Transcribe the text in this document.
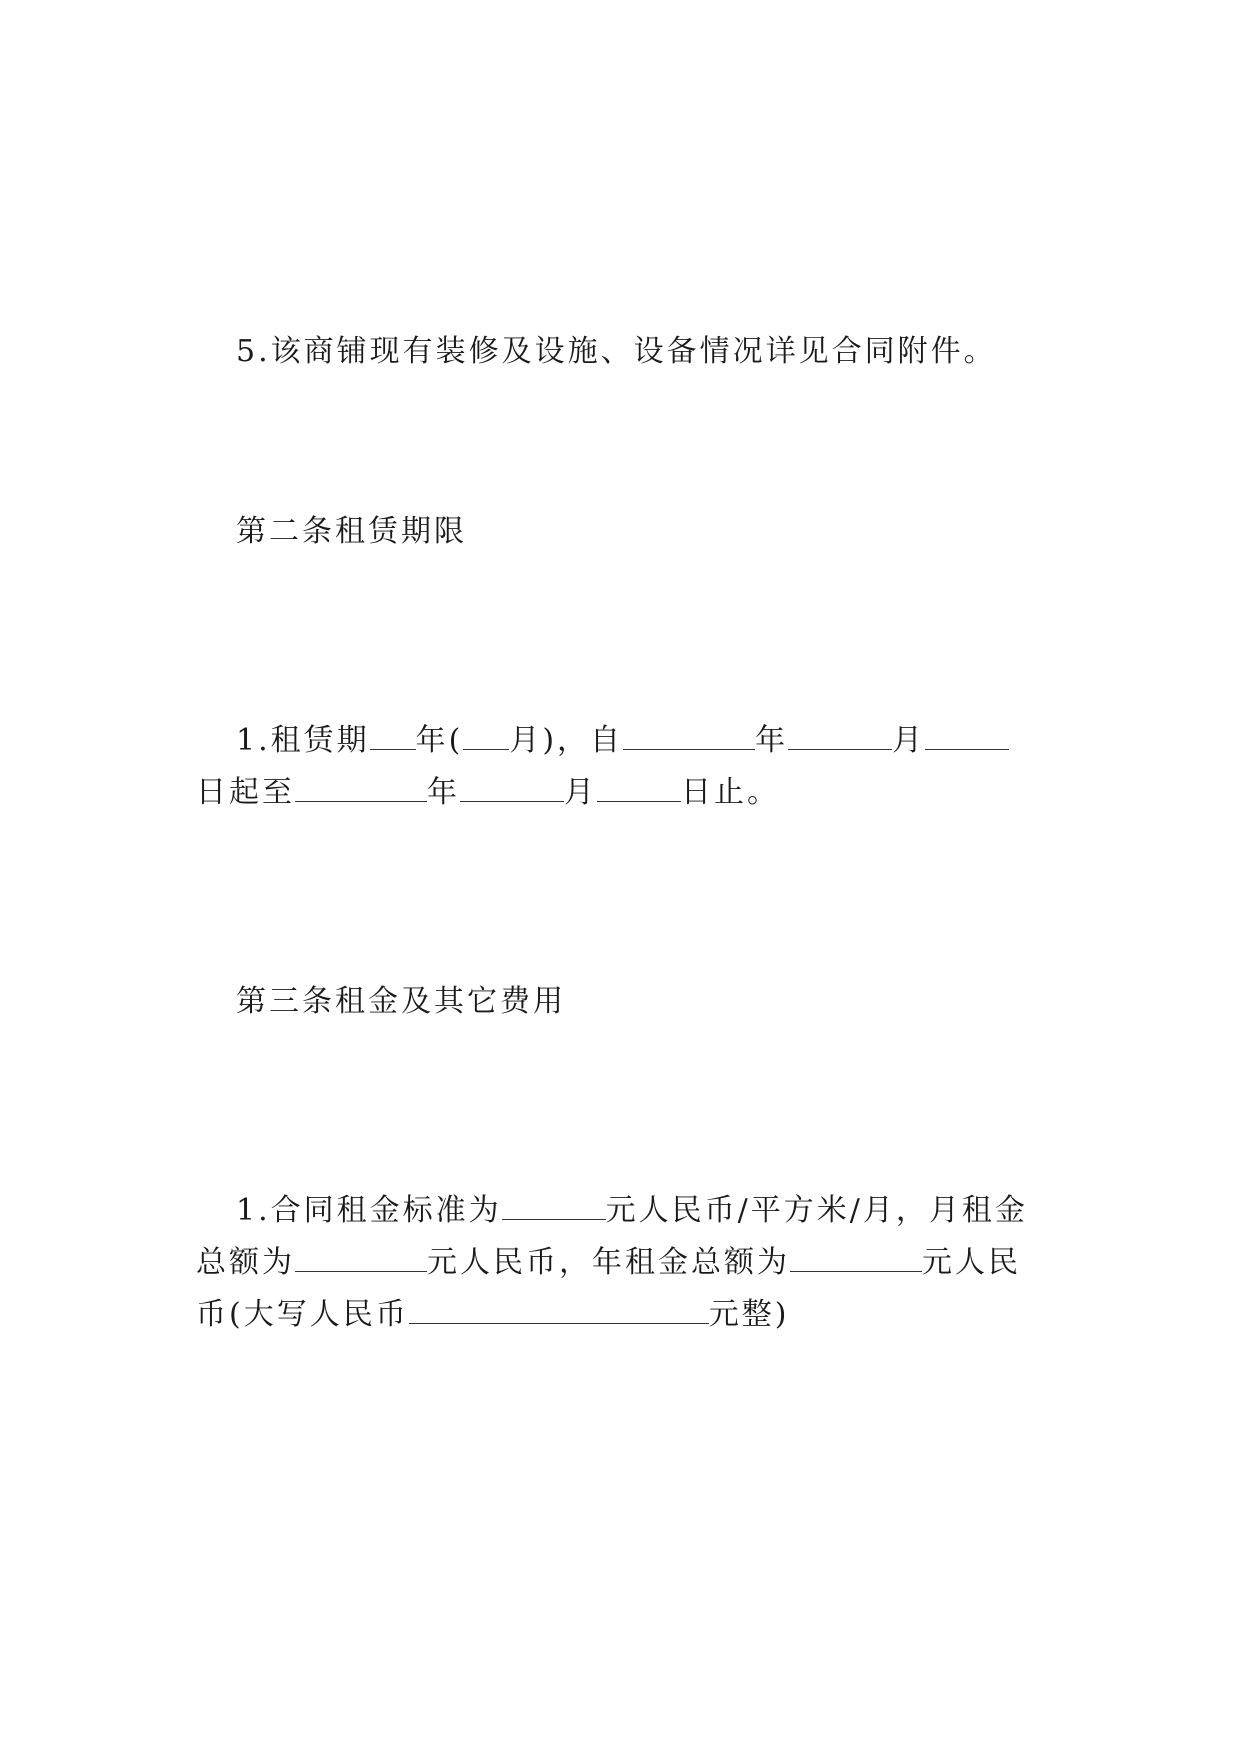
5.该商铺现有装修及设施、设备情况详见合同附件。
第二条租赁期限
1.租赁期 年( 月)，自	年	月
日起至	年	月	日止。
第三条租金及其它费用
1.合同租金标准为	元人民币/平方米/月，月租金
总额为	元人民币，年租金总额为	元人民
币(大写人民币	元整)
